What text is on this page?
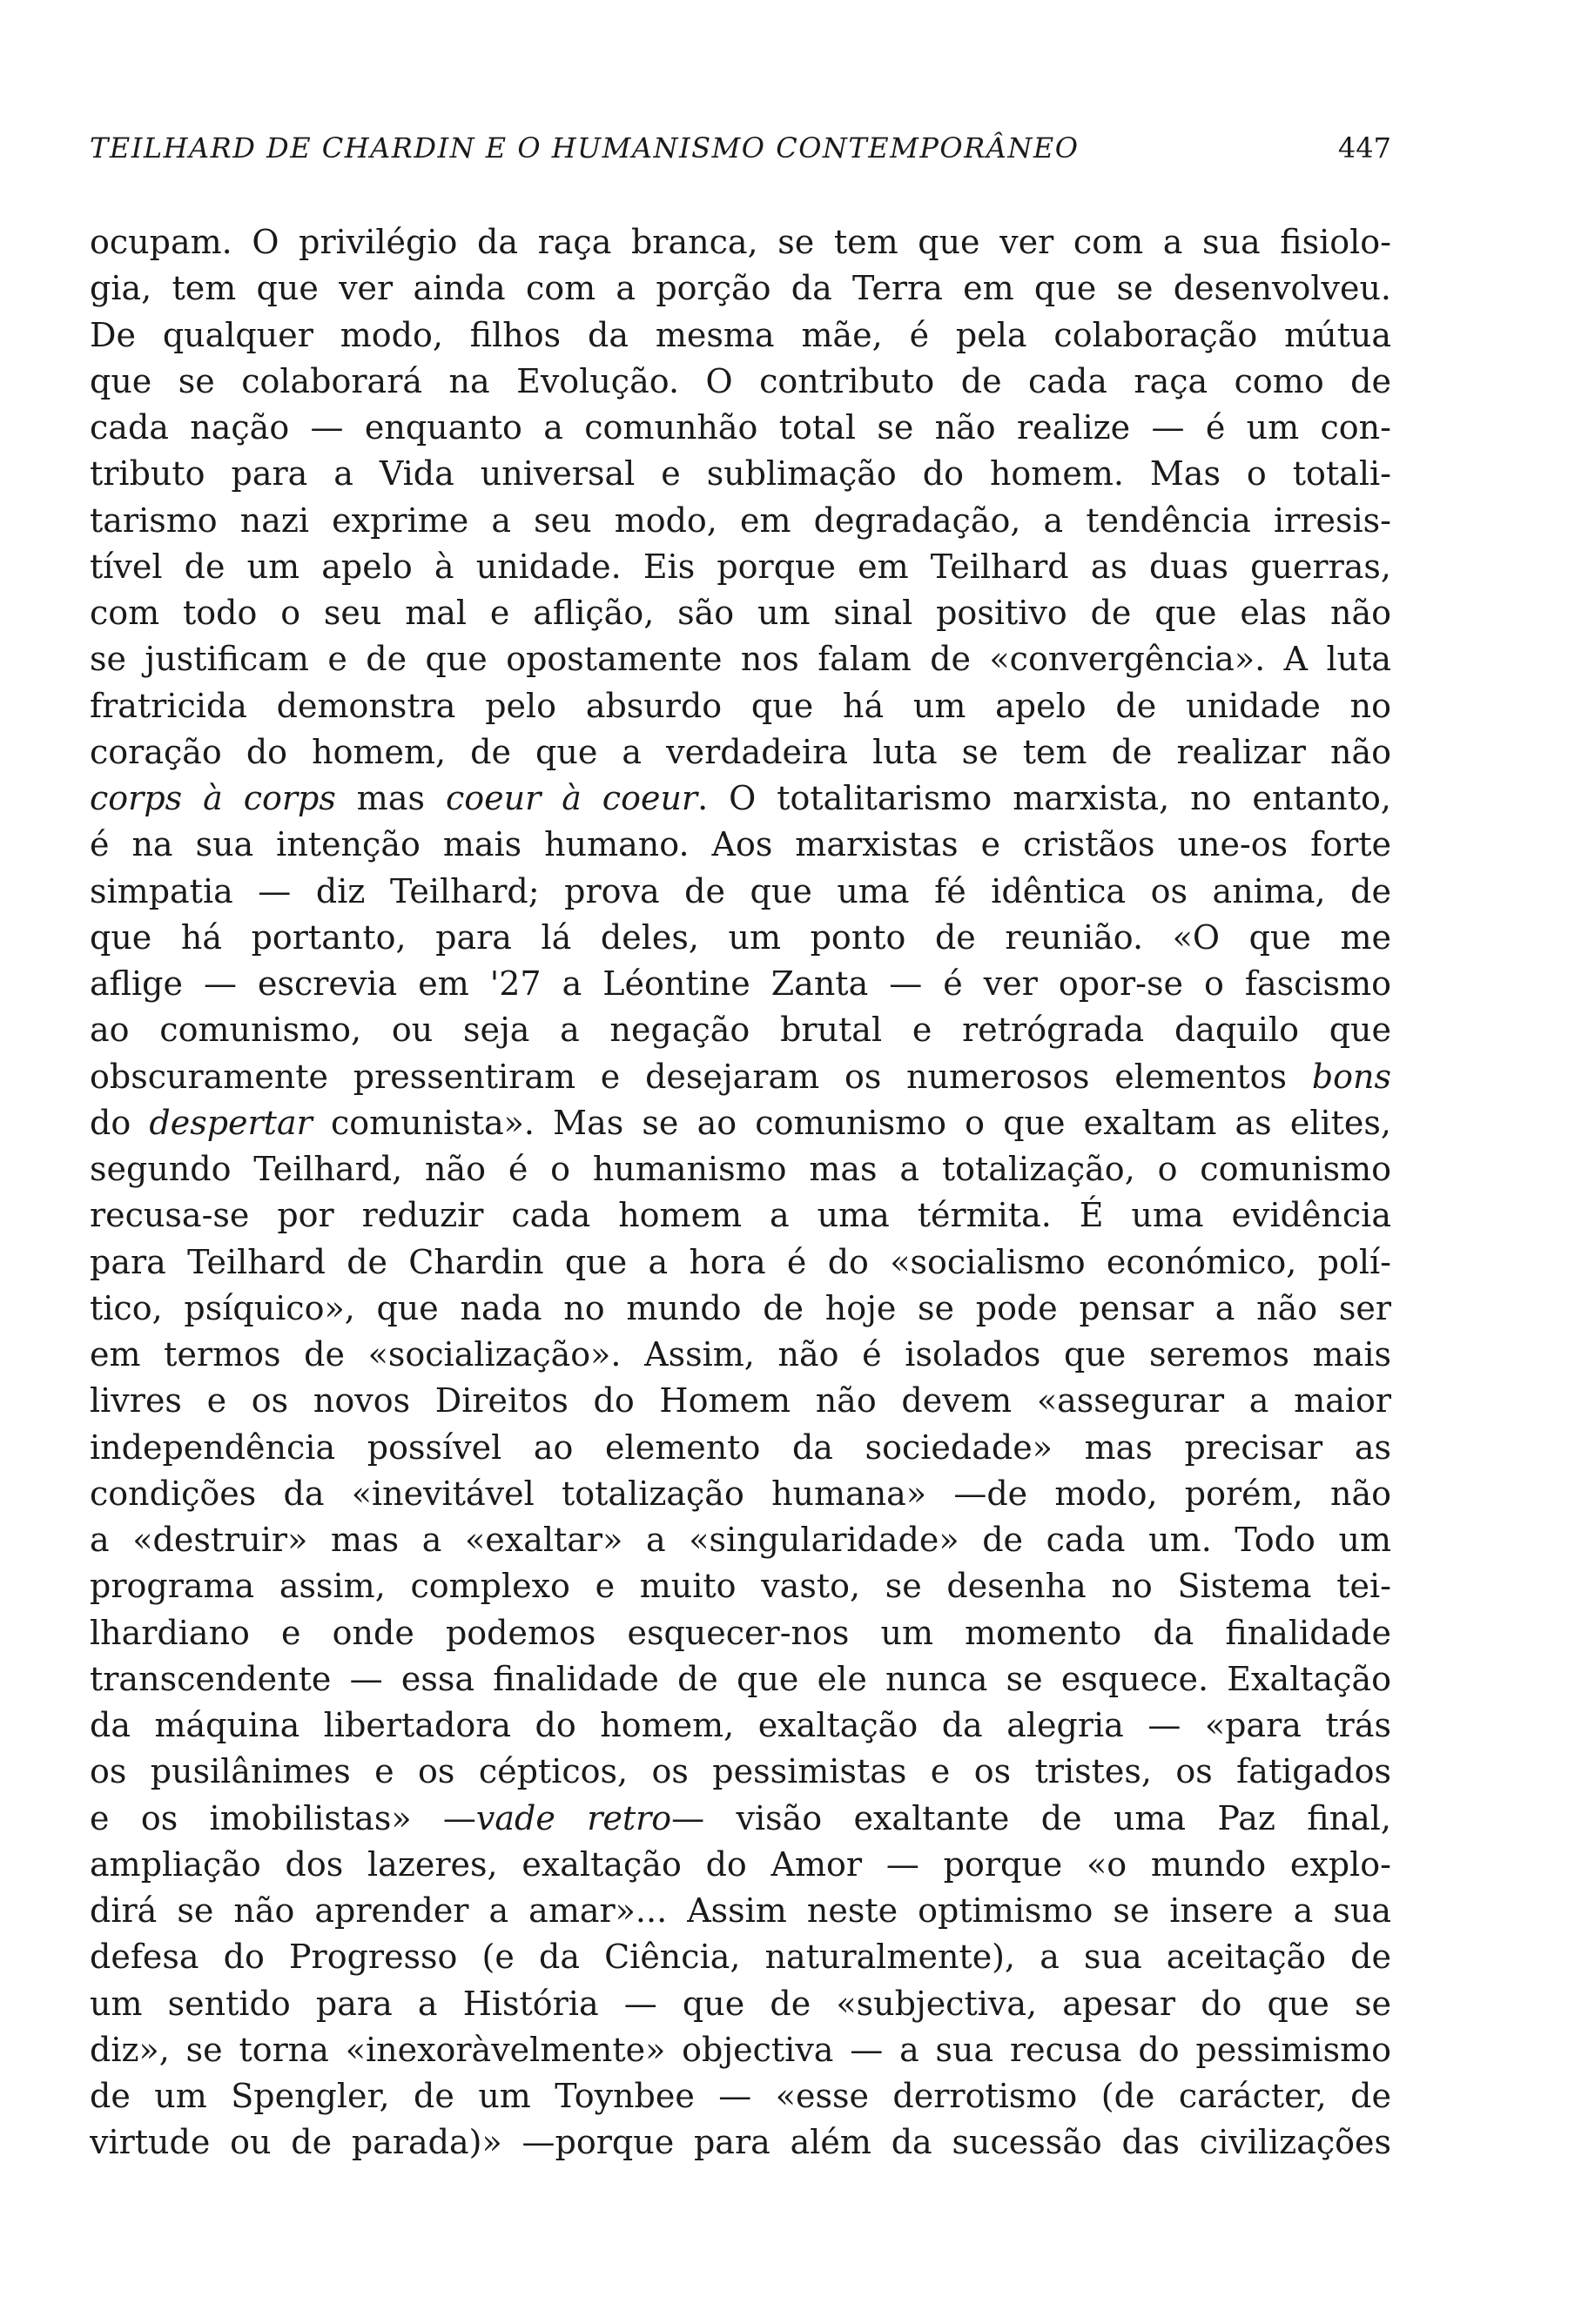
TEILHARD DE CHARDIN E O HUMANISMO CONTEMPORÂNEO	447
ocupam. O privilégio da raça branca, se tem que ver com a sua fisiolo-
gia, tem que ver ainda com a porção da Terra em que se desenvolveu.
De qualquer modo, filhos da mesma mãe, é pela colaboração mútua
que se colaborará na Evolução. O contributo de cada raça como de
cada nação — enquanto a comunhão total se não realize — é um con-
tributo para a Vida universal e sublimação do homem. Mas o totali-
tarismo nazi exprime a seu modo, em degradação, a tendência irresis-
tível de um apelo à unidade. Eis porque em Teilhard as duas guerras,
com todo o seu mal e aflição, são um sinal positivo de que elas não
se justificam e de que opostamente nos falam de «convergência». A luta
fratricida demonstra pelo absurdo que há um apelo de unidade no
coração do homem, de que a verdadeira luta se tem de realizar não
corps à corps mas coeur à coeur. O totalitarismo marxista, no entanto,
é na sua intenção mais humano. Aos marxistas e cristãos une-os forte
simpatia — diz Teilhard; prova de que uma fé idêntica os anima, de
que há portanto, para lá deles, um ponto de reunião. «O que me
aflige — escrevia em '27 a Léontine Zanta — é ver opor-se o fascismo
ao comunismo, ou seja a negação brutal e retrógrada daquilo que
obscuramente pressentiram e desejaram os numerosos elementos bons
do despertar comunista». Mas se ao comunismo o que exaltam as elites,
segundo Teilhard, não é o humanismo mas a totalização, o comunismo
recusa-se por reduzir cada homem a uma térmita. É uma evidência
para Teilhard de Chardin que a hora é do «socialismo económico, polí-
tico, psíquico», que nada no mundo de hoje se pode pensar a não ser
em termos de «socialização». Assim, não é isolados que seremos mais
livres e os novos Direitos do Homem não devem «assegurar a maior
independência possível ao elemento da sociedade» mas precisar as
condições da «inevitável totalização humana» —de modo, porém, não
a «destruir» mas a «exaltar» a «singularidade» de cada um. Todo um
programa assim, complexo e muito vasto, se desenha no Sistema tei-
lhardiano e onde podemos esquecer-nos um momento da finalidade
transcendente — essa finalidade de que ele nunca se esquece. Exaltação
da máquina libertadora do homem, exaltação da alegria — «para trás
os pusilânimes e os cépticos, os pessimistas e os tristes, os fatigados
e os imobilistas» —vade retro— visão exaltante de uma Paz final,
ampliação dos lazeres, exaltação do Amor — porque «o mundo explo-
dirá se não aprender a amar»... Assim neste optimismo se insere a sua
defesa do Progresso (e da Ciência, naturalmente), a sua aceitação de
um sentido para a História — que de «subjectiva, apesar do que se
diz», se torna «inexoràvelmente» objectiva — a sua recusa do pessimismo
de um Spengler, de um Toynbee — «esse derrotismo (de carácter, de
virtude ou de parada)» —porque para além da sucessão das civilizações
